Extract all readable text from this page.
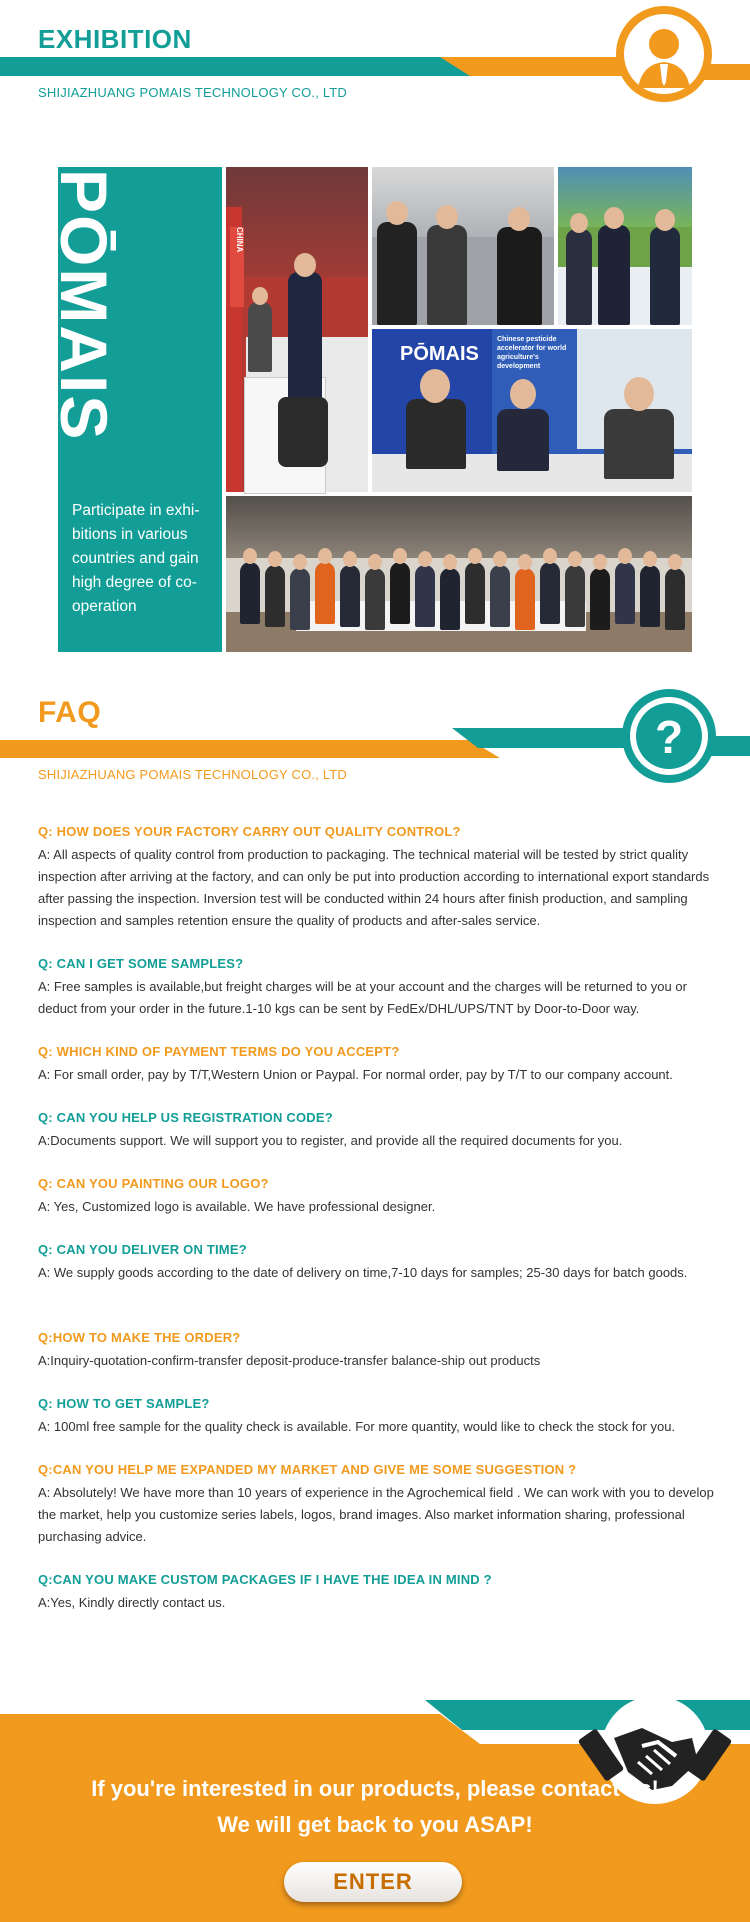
EXHIBITION
SHIJIAZHUANG POMAIS TECHNOLOGY CO., LTD
PŌMAIS
Participate in exhi-
bitions in various
countries and gain
high degree of co-
operation
CHINA
PŌMAIS
Chinese pesticide accelerator for world agriculture's development
FAQ
SHIJIAZHUANG POMAIS TECHNOLOGY CO., LTD
?

Q: HOW DOES YOUR FACTORY CARRY OUT QUALITY CONTROL?

A: All aspects of quality control from production to packaging. The technical material will be tested by strict quality inspection after arriving at the factory, and can only be put into production according to international export standards after passing the inspection. Inversion test will be conducted within 24 hours after finish production, and sampling inspection and samples retention ensure the quality of products and after-sales service.

Q: CAN I GET SOME SAMPLES?

A: Free samples is available,but freight charges will be at your account and the charges will be returned to you or deduct from your order in the future.1-10 kgs can be sent by FedEx/DHL/UPS/TNT by Door-to-Door way.

Q: WHICH KIND OF PAYMENT TERMS DO YOU ACCEPT?

A: For small order, pay by T/T,Western Union or Paypal. For normal order, pay by T/T to our company account.

Q: CAN YOU HELP US REGISTRATION CODE?

A:Documents support. We will support you to register, and provide all the required documents for you.

Q: CAN YOU PAINTING OUR LOGO?

A: Yes, Customized logo is available. We have professional designer.

Q: CAN YOU DELIVER ON TIME?

A: We supply goods according to the date of delivery on time,7-10 days for samples; 25-30 days for batch goods.

Q:HOW TO MAKE THE ORDER?

A:Inquiry-quotation-confirm-transfer deposit-produce-transfer balance-ship out products

Q: HOW TO GET SAMPLE?

A: 100ml free sample for the quality check is available. For more quantity, would like to check the stock for you.

Q:CAN YOU HELP ME EXPANDED MY MARKET AND GIVE ME SOME SUGGESTION ?

A: Absolutely! We have more than 10 years of experience in the Agrochemical field . We can work with you to develop the market, help you customize series labels, logos, brand images. Also market information sharing, professional purchasing advice.

Q:CAN YOU MAKE CUSTOM PACKAGES IF I HAVE THE IDEA IN MIND ?

A:Yes, Kindly directly contact us.

If you're interested in our products, please contact us!
We will get back to you ASAP!
ENTER
